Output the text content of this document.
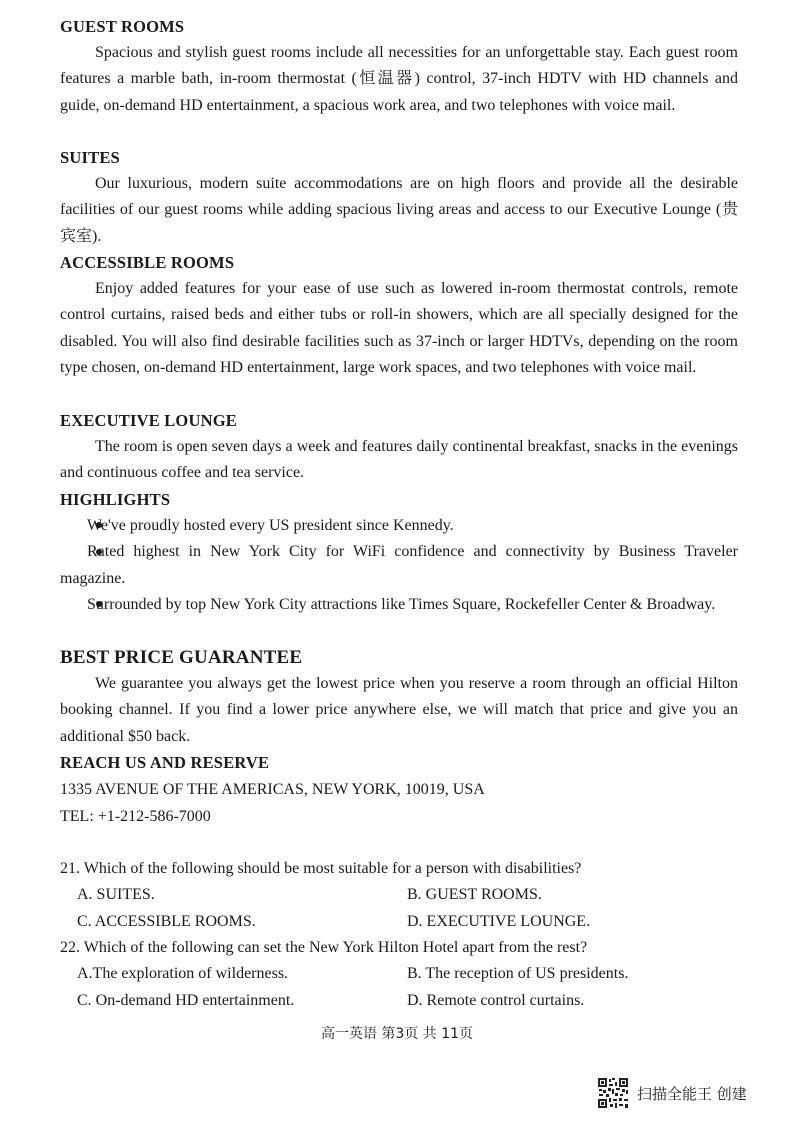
GUEST ROOMS

Spacious and stylish guest rooms include all necessities for an unforgettable stay. Each guest room features a marble bath, in-room thermostat (恒温器) control, 37-inch HDTV with HD channels and guide, on-demand HD entertainment, a spacious work area, and two telephones with voice mail.

SUITES

Our luxurious, modern suite accommodations are on high floors and provide all the desirable facilities of our guest rooms while adding spacious living areas and access to our Executive Lounge (贵宾室).

ACCESSIBLE ROOMS

Enjoy added features for your ease of use such as lowered in-room thermostat controls, remote control curtains, raised beds and either tubs or roll-in showers, which are all specially designed for the disabled. You will also find desirable facilities such as 37-inch or larger HDTVs, depending on the room type chosen, on-demand HD entertainment, large work spaces, and two telephones with voice mail.

EXECUTIVE LOUNGE

The room is open seven days a week and features daily continental breakfast, snacks in the evenings and continuous coffee and tea service.

HIGHLIGHTS

We've proudly hosted every US president since Kennedy.

Rated highest in New York City for WiFi confidence and connectivity by Business Traveler magazine.

Surrounded by top New York City attractions like Times Square, Rockefeller Center & Broadway.

BEST PRICE GUARANTEE

We guarantee you always get the lowest price when you reserve a room through an official Hilton booking channel. If you find a lower price anywhere else, we will match that price and give you an additional $50 back.

REACH US AND RESERVE

1335 AVENUE OF THE AMERICAS, NEW YORK, 10019, USA

TEL: +1-212-586-7000

21. Which of the following should be most suitable for a person with disabilities?

A. SUITES.	B. GUEST ROOMS.
C. ACCESSIBLE ROOMS.	D. EXECUTIVE LOUNGE.

22. Which of the following can set the New York Hilton Hotel apart from the rest?

A.The exploration of wilderness.	B. The reception of US presidents.
C. On-demand HD entertainment.	D. Remote control curtains.
高一英语 第3页 共 11页
扫描全能王 创建
